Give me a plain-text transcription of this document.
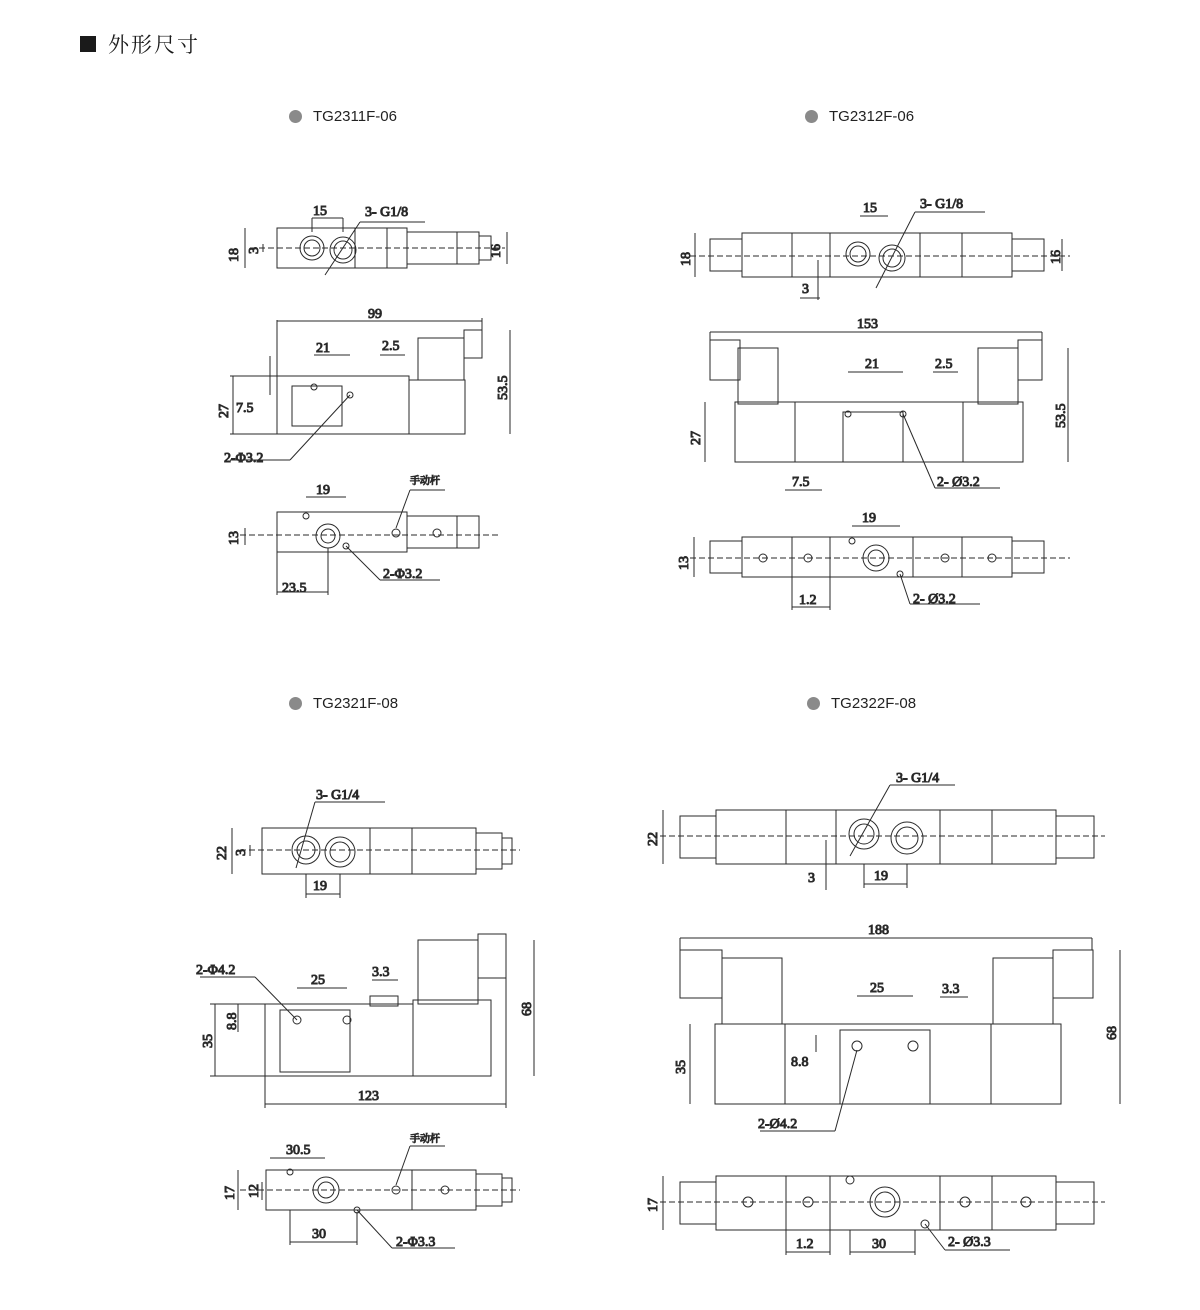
外形尺寸
TG2311F-06	TG2312F-06
TG2321F-08	TG2322F-08
15	3- G1/8
18 3	16
99
21	2.5
53.5
27 7.5
2-Φ3.2
19
手动杆
13
2-Φ3.2
23.5
15	3- G1/8
18	16
3
153
21	2.5
53.5
27
7.5	2- Ø3.2
19
13
1.2	2- Ø3.2
3- G1/4
22 3
19
2-Φ4.2
25
3.3
68
35
8.8
123
手动杆
30.5
17 12
30
2-Φ3.3
3- G1/4
22
3	19
188
25	3.3
68
35	8.8
2-Ø4.2
17
1.2	30	2- Ø3.3
